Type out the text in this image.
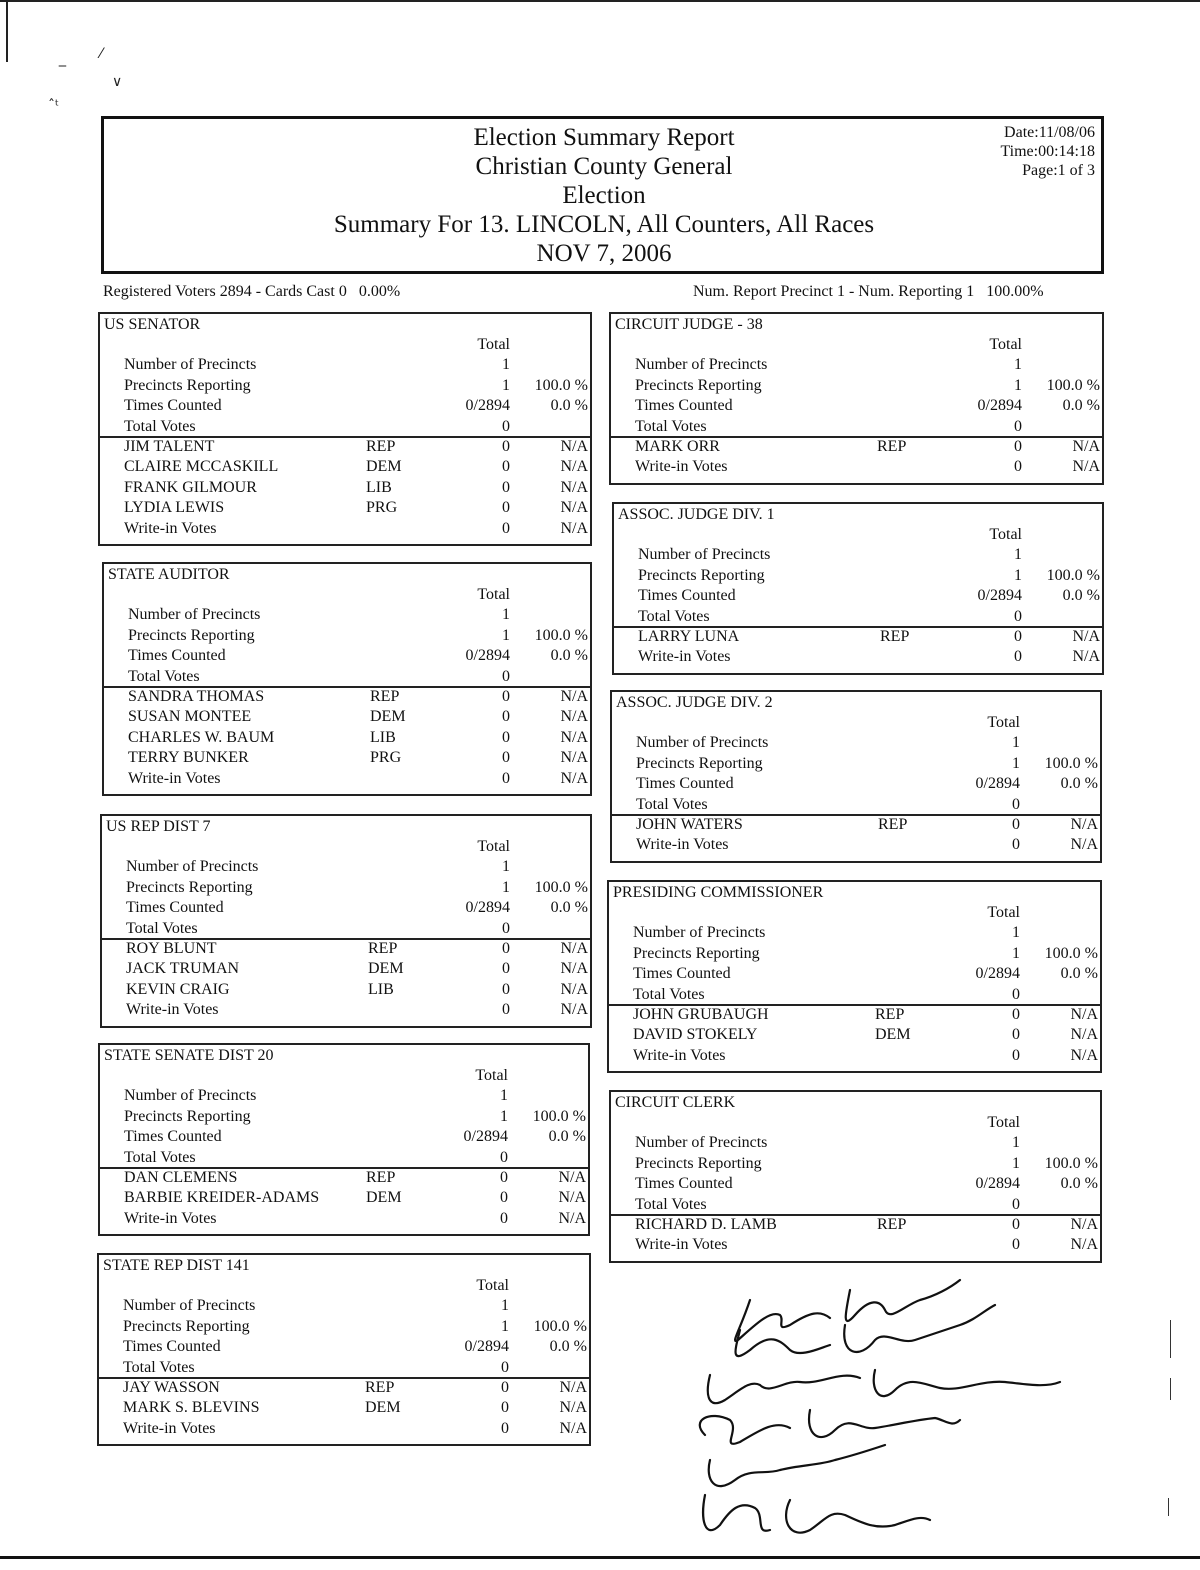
‒
⁄
∨
ˆᵗ
Election Summary Report
Christian County General
Election
Summary For 13. LINCOLN, All Counters, All Races
NOV 7, 2006
Date:11/08/06
Time:00:14:18
Page:1 of 3
Registered Voters 2894 - Cards Cast 0   0.00%	Num. Report Precinct 1 - Num. Reporting 1   100.00%
US SENATOR
Total
Number of Precincts	1
Precincts Reporting	1	100.0 %
Times Counted	0/2894	0.0 %
Total Votes	0
JIM TALENT	REP	0	N/A
CLAIRE MCCASKILL	DEM	0	N/A
FRANK GILMOUR	LIB	0	N/A
LYDIA LEWIS	PRG	0	N/A
Write-in Votes	0	N/A
STATE AUDITOR
Total
Number of Precincts	1
Precincts Reporting	1	100.0 %
Times Counted	0/2894	0.0 %
Total Votes	0
SANDRA THOMAS	REP	0	N/A
SUSAN MONTEE	DEM	0	N/A
CHARLES W. BAUM	LIB	0	N/A
TERRY BUNKER	PRG	0	N/A
Write-in Votes	0	N/A
US REP DIST 7
Total
Number of Precincts	1
Precincts Reporting	1	100.0 %
Times Counted	0/2894	0.0 %
Total Votes	0
ROY BLUNT	REP	0	N/A
JACK TRUMAN	DEM	0	N/A
KEVIN CRAIG	LIB	0	N/A
Write-in Votes	0	N/A
STATE SENATE DIST 20
Total
Number of Precincts	1
Precincts Reporting	1	100.0 %
Times Counted	0/2894	0.0 %
Total Votes	0
DAN CLEMENS	REP	0	N/A
BARBIE KREIDER-ADAMS	DEM	0	N/A
Write-in Votes	0	N/A
STATE REP DIST 141
Total
Number of Precincts	1
Precincts Reporting	1	100.0 %
Times Counted	0/2894	0.0 %
Total Votes	0
JAY WASSON	REP	0	N/A
MARK S. BLEVINS	DEM	0	N/A
Write-in Votes	0	N/A
CIRCUIT JUDGE - 38
Total
Number of Precincts	1
Precincts Reporting	1	100.0 %
Times Counted	0/2894	0.0 %
Total Votes	0
MARK ORR	REP	0	N/A
Write-in Votes	0	N/A
ASSOC. JUDGE DIV. 1
Total
Number of Precincts	1
Precincts Reporting	1	100.0 %
Times Counted	0/2894	0.0 %
Total Votes	0
LARRY LUNA	REP	0	N/A
Write-in Votes	0	N/A
ASSOC. JUDGE DIV. 2
Total
Number of Precincts	1
Precincts Reporting	1	100.0 %
Times Counted	0/2894	0.0 %
Total Votes	0
JOHN WATERS	REP	0	N/A
Write-in Votes	0	N/A
PRESIDING COMMISSIONER
Total
Number of Precincts	1
Precincts Reporting	1	100.0 %
Times Counted	0/2894	0.0 %
Total Votes	0
JOHN GRUBAUGH	REP	0	N/A
DAVID STOKELY	DEM	0	N/A
Write-in Votes	0	N/A
CIRCUIT CLERK
Total
Number of Precincts	1
Precincts Reporting	1	100.0 %
Times Counted	0/2894	0.0 %
Total Votes	0
RICHARD D. LAMB	REP	0	N/A
Write-in Votes	0	N/A
